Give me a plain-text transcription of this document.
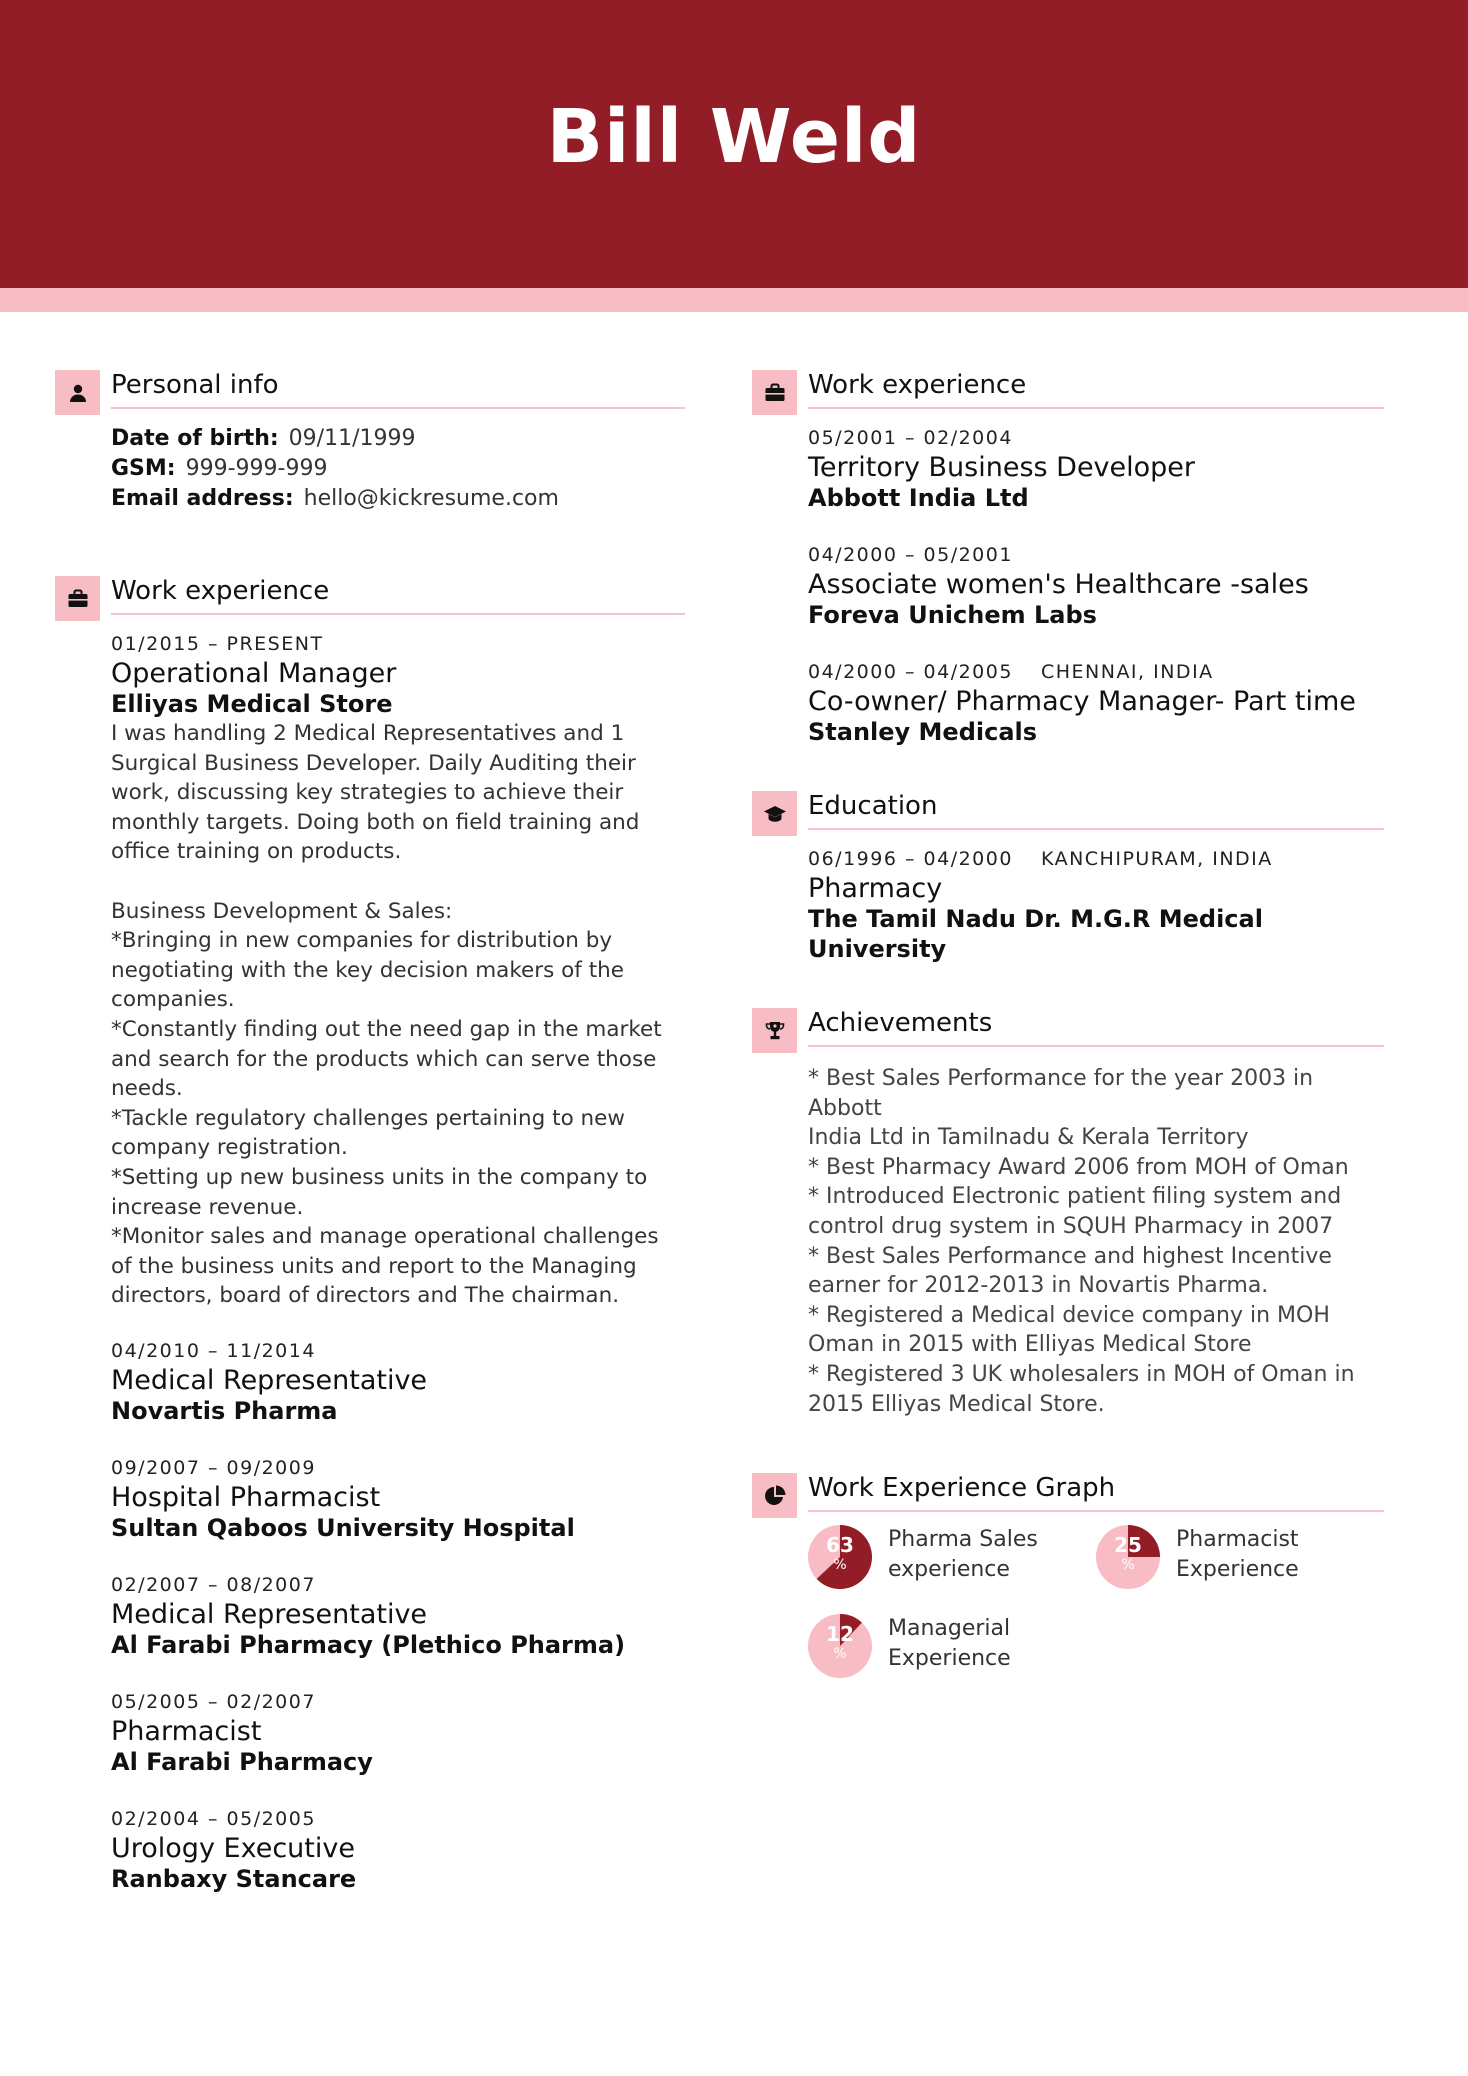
Bill Weld
Personal info
Date of birth: 09/11/1999
GSM: 999-999-999
Email address: hello@kickresume.com
Work experience
01/2015 – PRESENT
Operational Manager
Elliyas Medical Store
I was handling 2 Medical Representatives and 1
Surgical Business Developer. Daily Auditing their
work, discussing key strategies to achieve their
monthly targets. Doing both on field training and
office training on products.

Business Development & Sales:
*Bringing in new companies for distribution by
negotiating with the key decision makers of the
companies.
*Constantly finding out the need gap in the market
and search for the products which can serve those
needs.
*Tackle regulatory challenges pertaining to new
company registration.
*Setting up new business units in the company to
increase revenue.
*Monitor sales and manage operational challenges
of the business units and report to the Managing
directors, board of directors and The chairman.
04/2010 – 11/2014
Medical Representative
Novartis Pharma
09/2007 – 09/2009
Hospital Pharmacist
Sultan Qaboos University Hospital
02/2007 – 08/2007
Medical Representative
Al Farabi Pharmacy (Plethico Pharma)
05/2005 – 02/2007
Pharmacist
Al Farabi Pharmacy
02/2004 – 05/2005
Urology Executive
Ranbaxy Stancare
Work experience
05/2001 – 02/2004
Territory Business Developer
Abbott India Ltd
04/2000 – 05/2001
Associate women's Healthcare -sales
Foreva Unichem Labs
04/2000 – 04/2005 CHENNAI, INDIA
Co-owner/ Pharmacy Manager- Part time
Stanley Medicals
Education
06/1996 – 04/2000 KANCHIPURAM, INDIA
Pharmacy
The Tamil Nadu Dr. M.G.R Medical
University
Achievements
* Best Sales Performance for the year 2003 in Abbott
India Ltd in Tamilnadu & Kerala Territory
* Best Pharmacy Award 2006 from MOH of Oman
* Introduced Electronic patient filing system and
control drug system in SQUH Pharmacy in 2007
* Best Sales Performance and highest Incentive
earner for 2012-2013 in Novartis Pharma.
* Registered a Medical device company in MOH
Oman in 2015 with Elliyas Medical Store
* Registered 3 UK wholesalers in MOH of Oman in
2015 Elliyas Medical Store.
Work Experience Graph
63
%
Pharma Sales
experience
25
%
Pharmacist
Experience
12
%
Managerial
Experience
